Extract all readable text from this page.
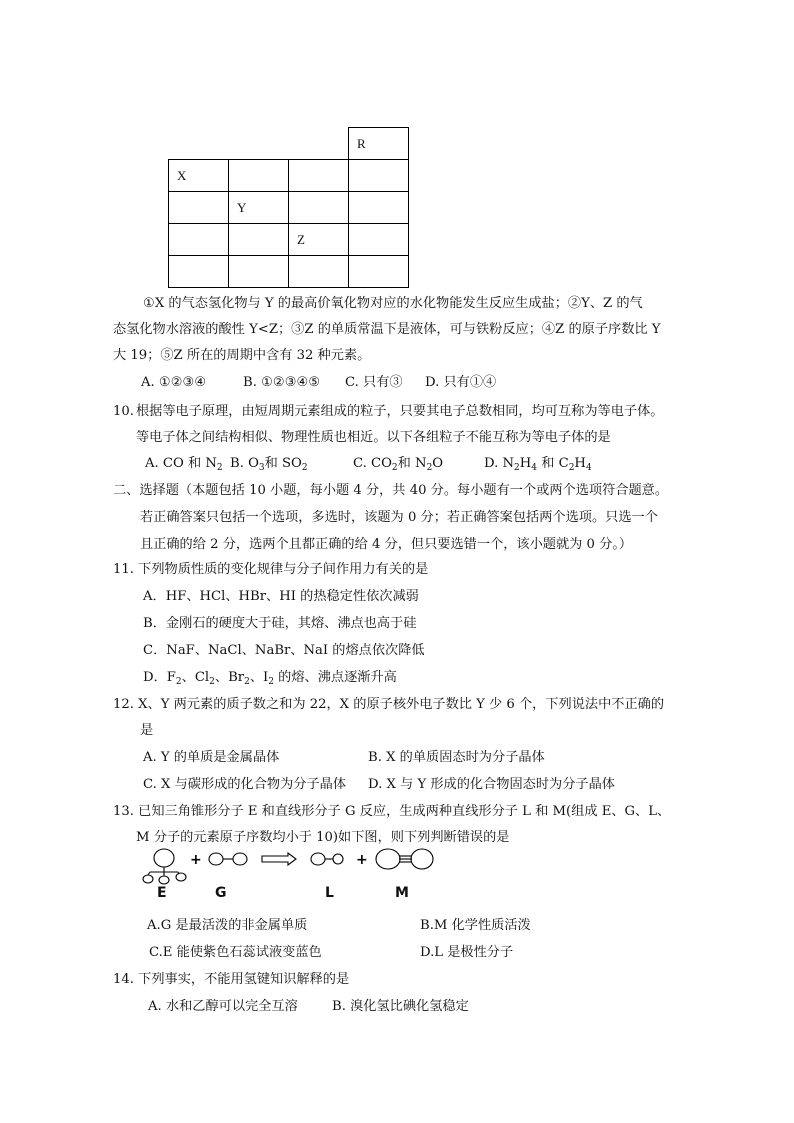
			R
X			
	Y		
		Z	

①X 的气态氢化物与 Y 的最高价氧化物对应的水化物能发生反应生成盐；②Y、Z 的气
态氢化物水溶液的酸性 Y<Z；③Z 的单质常温下是液体，可与铁粉反应；④Z 的原子序数比 Y
大 19；⑤Z 所在的周期中含有 32 种元素。
A. ①②③④	B. ①②③④⑤ C. 只有③ D. 只有①④
10. 根据等电子原理，由短周期元素组成的粒子，只要其电子总数相同，均可互称为等电子体。
等电子体之间结构相似、物理性质也相近。以下各组粒子不能互称为等电子体的是
A. CO 和 $N_2$ B. $O_3$和 $SO_2$	C. $CO_2$和 $N_2O$	D. $N_2H_4$ 和 $C_2H_4$
二、选择题（本题包括 10 小题，每小题 4 分，共 40 分。每小题有一个或两个选项符合题意。
若正确答案只包括一个选项，多选时，该题为 0 分；若正确答案包括两个选项。只选一个
且正确的给 2 分，选两个且都正确的给 4 分，但只要选错一个，该小题就为 0 分。）
11. 下列物质性质的变化规律与分子间作用力有关的是
A．HF、HCl、HBr、HI 的热稳定性依次减弱
B．金刚石的硬度大于硅，其熔、沸点也高于硅
C．NaF、NaCl、NaBr、NaI 的熔点依次降低
D．$F_2$、$Cl_2$、$Br_2$、$I_2$ 的熔、沸点逐渐升高
12. X、Y 两元素的质子数之和为 22，X 的原子核外电子数比 Y 少 6 个，下列说法中不正确的
是
A. Y 的单质是金属晶体	B. X 的单质固态时为分子晶体
C. X 与碳形成的化合物为分子晶体 D. X 与 Y 形成的化合物固态时为分子晶体
13. 已知三角锥形分子 E 和直线形分子 G 反应，生成两种直线形分子 L 和 M(组成 E、G、L、
M 分子的元素原子序数均小于 10)如下图，则下列判断错误的是
+	+
E	G	L	M
A.G 是最活泼的非金属单质	B.M 化学性质活泼
C.E 能使紫色石蕊试液变蓝色	D.L 是极性分子
14. 下列事实，不能用氢键知识解释的是
A. 水和乙醇可以完全互溶	B. 溴化氢比碘化氢稳定
